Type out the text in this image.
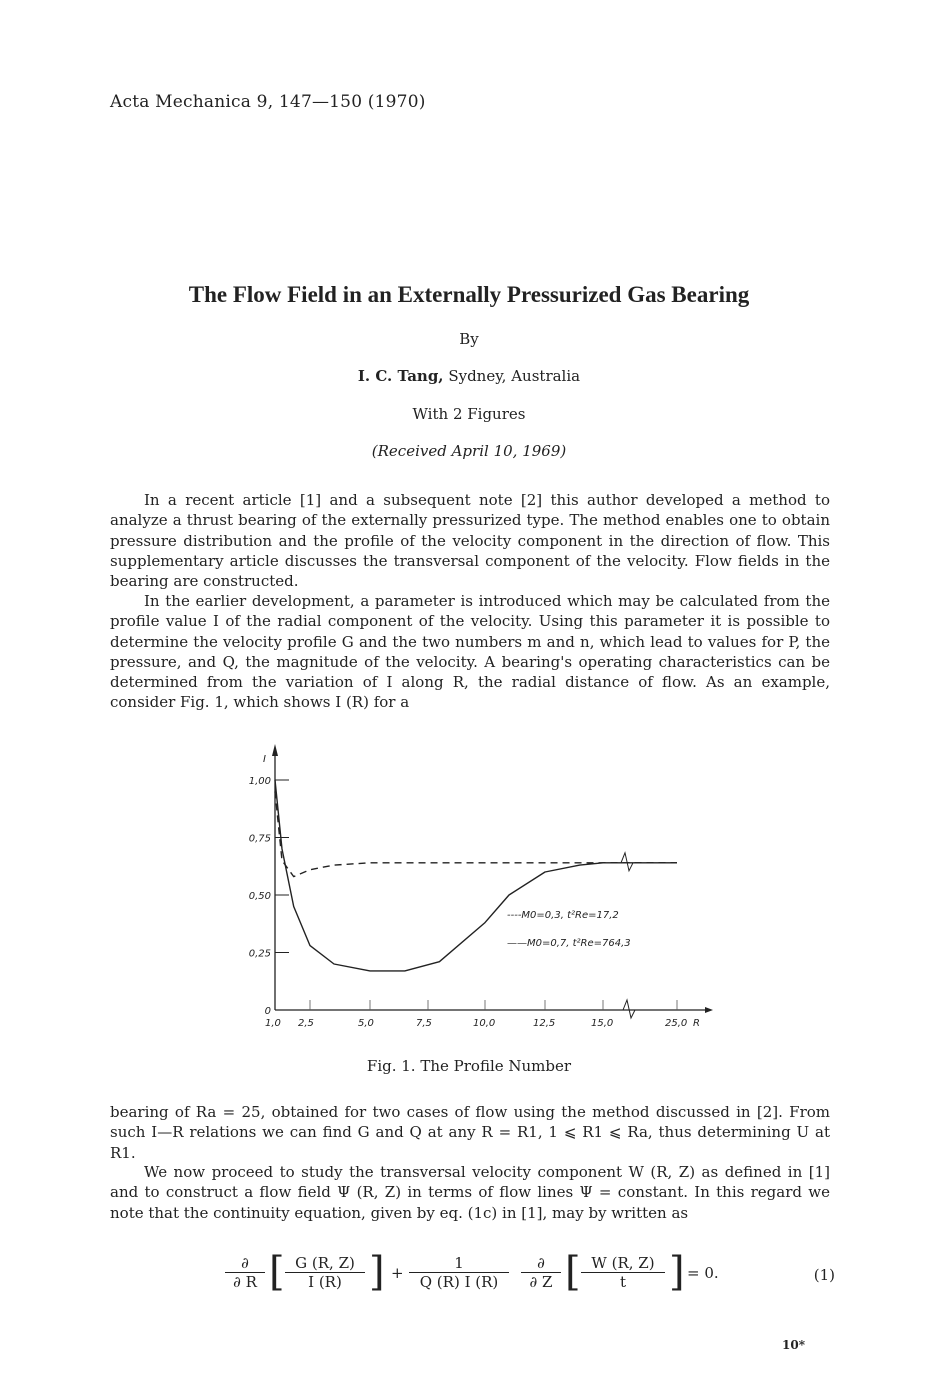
Acta Mechanica 9, 147—150 (1970)
The Flow Field in an Externally Pressurized Gas Bearing
By
I. C. Tang, Sydney, Australia
With 2 Figures
(Received April 10, 1969)

In a recent article [1] and a subsequent note [2] this author developed a method to analyze a thrust bearing of the externally pressurized type. The method enables one to obtain pressure distribution and the profile of the velocity component in the direction of flow. This supplementary article discusses the transversal component of the velocity. Flow fields in the bearing are constructed.

In the earlier development, a parameter is introduced which may be calculated from the profile value I of the radial component of the velocity. Using this parameter it is possible to determine the velocity profile G and the two numbers m and n, which lead to values for P, the pressure, and Q, the magnitude of the velocity. A bearing's operating characteristics can be determined from the variation of I along R, the radial distance of flow. As an example, consider Fig. 1, which shows I (R) for a

0
0,25
0,50
0,75
1,00
I
1,0 2,5	5,0	7,5	10,0	12,5	15,0	25,0 R
----M0=0,3, t²Re=17,2
——M0=0,7, t²Re=764,3
Fig. 1. The Profile Number

bearing of Ra = 25, obtained for two cases of flow using the method discussed in [2]. From such I—R relations we can find G and Q at any R = R1, 1 ⩽ R1 ⩽ Ra, thus determining U at R1.

We now proceed to study the transversal velocity component W (R, Z) as defined in [1] and to construct a flow field Ψ (R, Z) in terms of flow lines Ψ = constant. In this regard we note that the continuity equation, given by eq. (1c) in [1], may by written as

∂
∂ R [ $\frac{G (R, Z)}{I (R)}$ ] + $\frac{1}{Q (R) I (R)}$	∂
∂ Z [ $\frac{W (R, Z)}{t}$ ] = 0.	(1)
10*
